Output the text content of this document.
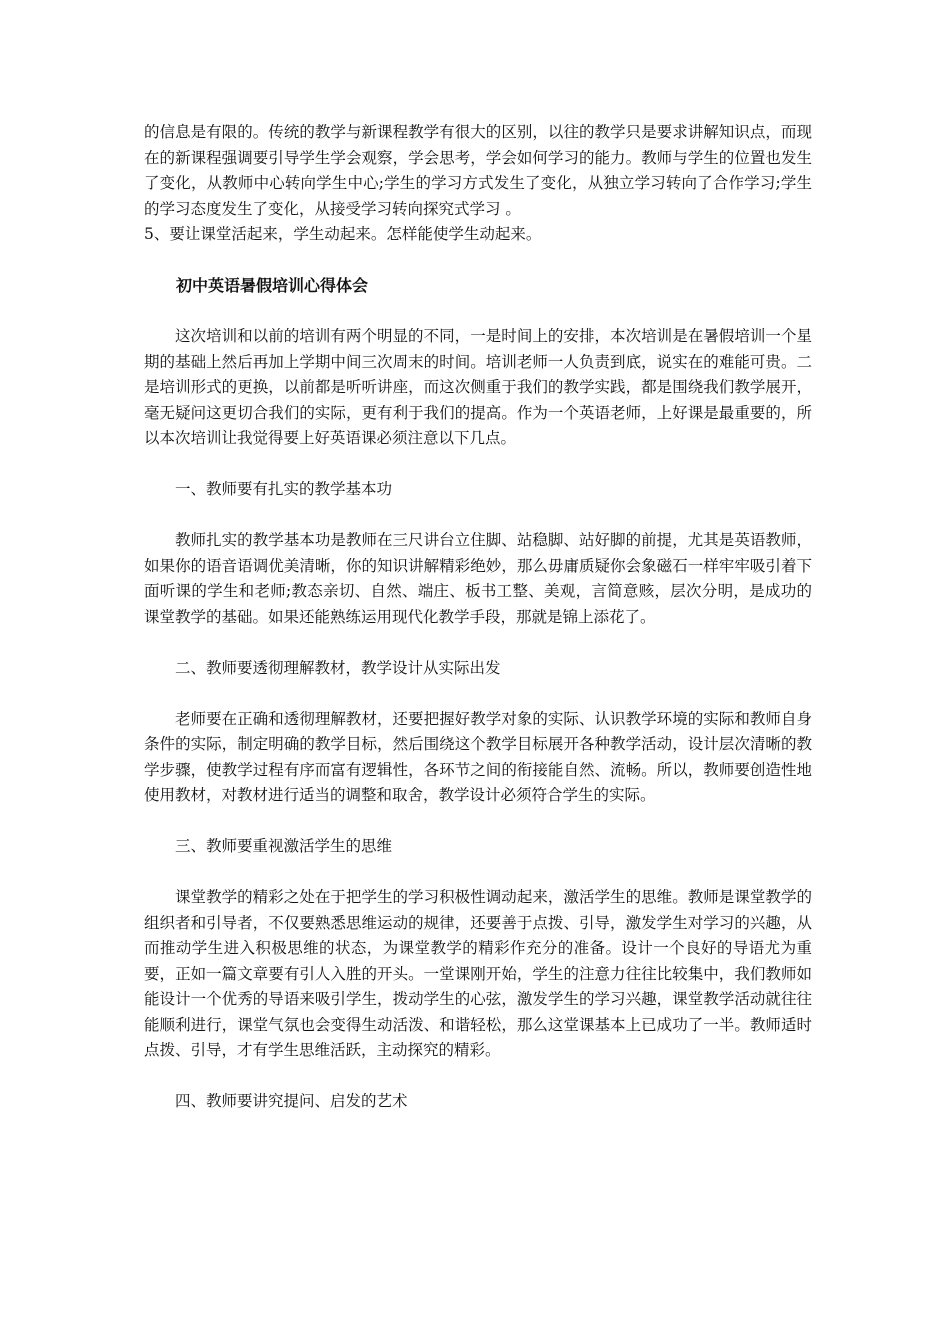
的信息是有限的。传统的教学与新课程教学有很大的区别，以往的教学只是要求讲解知识点，而现在的新课程强调要引导学生学会观察，学会思考，学会如何学习的能力。教师与学生的位置也发生了变化，从教师中心转向学生中心;学生的学习方式发生了变化，从独立学习转向了合作学习;学生的学习态度发生了变化，从接受学习转向探究式学习 。

5、要让课堂活起来，学生动起来。怎样能使学生动起来。

初中英语暑假培训心得体会

这次培训和以前的培训有两个明显的不同，一是时间上的安排，本次培训是在暑假培训一个星期的基础上然后再加上学期中间三次周末的时间。培训老师一人负责到底，说实在的难能可贵。二是培训形式的更换，以前都是听听讲座，而这次侧重于我们的教学实践，都是围绕我们教学展开，毫无疑问这更切合我们的实际，更有利于我们的提高。作为一个英语老师，上好课是最重要的，所以本次培训让我觉得要上好英语课必须注意以下几点。

一、教师要有扎实的教学基本功

教师扎实的教学基本功是教师在三尺讲台立住脚、站稳脚、站好脚的前提，尤其是英语教师，如果你的语音语调优美清晰，你的知识讲解精彩绝妙，那么毋庸质疑你会象磁石一样牢牢吸引着下面听课的学生和老师;教态亲切、自然、端庄、板书工整、美观，言简意赅，层次分明，是成功的课堂教学的基础。如果还能熟练运用现代化教学手段，那就是锦上添花了。

二、教师要透彻理解教材，教学设计从实际出发

老师要在正确和透彻理解教材，还要把握好教学对象的实际、认识教学环境的实际和教师自身条件的实际，制定明确的教学目标，然后围绕这个教学目标展开各种教学活动，设计层次清晰的教学步骤，使教学过程有序而富有逻辑性，各环节之间的衔接能自然、流畅。所以，教师要创造性地使用教材，对教材进行适当的调整和取舍，教学设计必须符合学生的实际。

三、教师要重视激活学生的思维

课堂教学的精彩之处在于把学生的学习积极性调动起来，激活学生的思维。教师是课堂教学的组织者和引导者，不仅要熟悉思维运动的规律，还要善于点拨、引导，激发学生对学习的兴趣，从而推动学生进入积极思维的状态，为课堂教学的精彩作充分的准备。设计一个良好的导语尤为重要，正如一篇文章要有引人入胜的开头。一堂课刚开始，学生的注意力往往比较集中，我们教师如能设计一个优秀的导语来吸引学生，拨动学生的心弦，激发学生的学习兴趣，课堂教学活动就往往能顺利进行，课堂气氛也会变得生动活泼、和谐轻松，那么这堂课基本上已成功了一半。教师适时点拨、引导，才有学生思维活跃，主动探究的精彩。

四、教师要讲究提问、启发的艺术
